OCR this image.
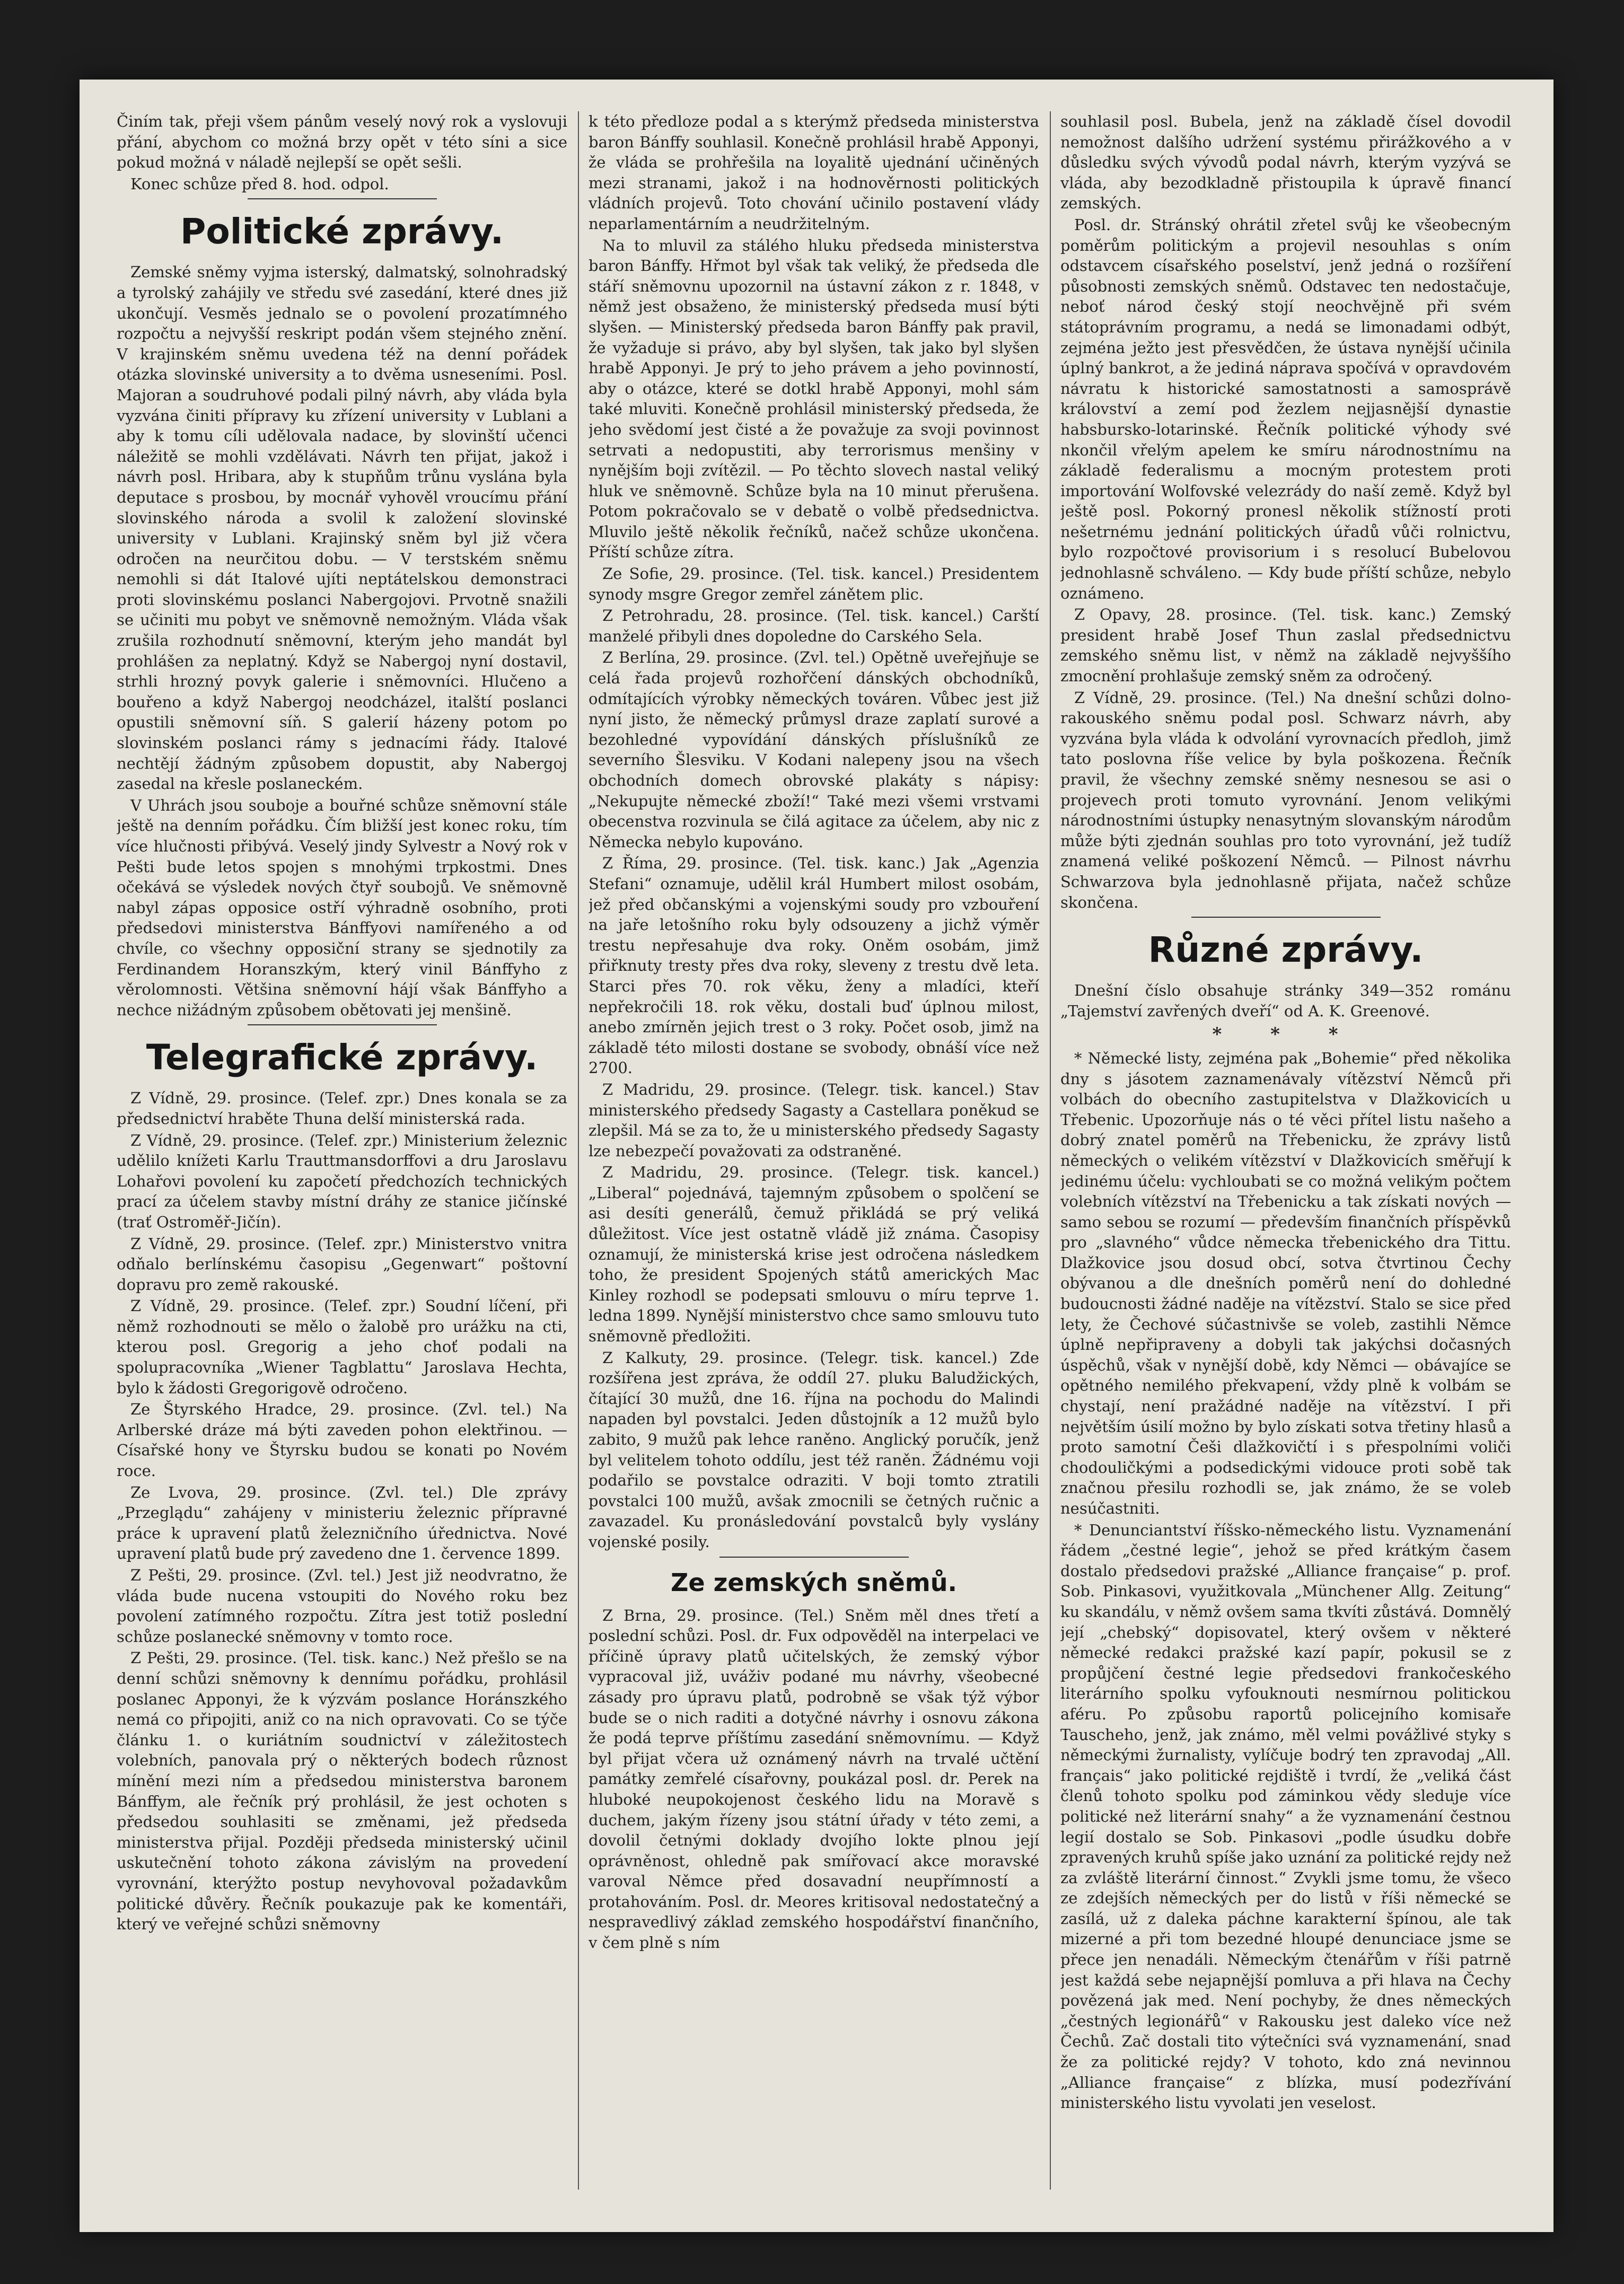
Činím tak, přeji všem pánům veselý nový rok a vyslovuji přání, abychom co možná brzy opět v této síni a sice pokud možná v náladě nejlepší se opět sešli.

Konec schůze před 8. hod. odpol.

Politické zprávy.

Zemské sněmy vyjma isterský, dalmatský, solnohradský a tyrolský zahájily ve středu své zasedání, které dnes již ukončují. Vesměs jednalo se o povolení prozatímného rozpočtu a nejvyšší reskript podán všem stejného znění. V krajinském sněmu uvedena též na denní pořádek otázka slovinské university a to dvěma usneseními. Posl. Majoran a soudruhové podali pilný návrh, aby vláda byla vyzvána činiti přípravy ku zřízení university v Lublani a aby k tomu cíli udělovala nadace, by slovinští učenci náležitě se mohli vzdělávati. Návrh ten přijat, jakož i návrh posl. Hribara, aby k stupňům trůnu vyslána byla deputace s prosbou, by mocnář vyhověl vroucímu přání slovinského národa a svolil k založení slovinské university v Lublani. Krajinský sněm byl již včera odročen na neurčitou dobu. — V terstském sněmu nemohli si dát Italové ujíti neptátelskou demonstraci proti slovinskému poslanci Nabergojovi. Prvotně snažili se učiniti mu pobyt ve sněmovně nemožným. Vláda však zrušila rozhodnutí sněmovní, kterým jeho mandát byl prohlášen za neplatný. Když se Nabergoj nyní dostavil, strhli hrozný povyk galerie i sněmovníci. Hlučeno a bouřeno a když Nabergoj neodcházel, italští poslanci opustili sněmovní síň. S galerií házeny potom po slovinském poslanci rámy s jednacími řády. Italové nechtějí žádným způsobem dopustit, aby Nabergoj zasedal na křesle poslaneckém.

V Uhrách jsou souboje a bouřné schůze sněmovní stále ještě na denním pořádku. Čím bližší jest konec roku, tím více hlučnosti přibývá. Veselý jindy Sylvestr a Nový rok v Pešti bude letos spojen s mnohými trpkostmi. Dnes očekává se výsledek nových čtyř soubojů. Ve sněmovně nabyl zápas opposice ostří výhradně osobního, proti předsedovi ministerstva Bánffyovi namířeného a od chvíle, co všechny opposiční strany se sjednotily za Ferdinandem Horanszkým, který vinil Bánffyho z věrolomnosti. Většina sněmovní hájí však Bánffyho a nechce nižádným způsobem obětovati jej menšině.

Telegrafické zprávy.

Z Vídně, 29. prosince. (Telef. zpr.) Dnes konala se za předsednictví hraběte Thuna delší ministerská rada.

Z Vídně, 29. prosince. (Telef. zpr.) Ministerium železnic udělilo knížeti Karlu Trauttmansdorffovi a dru Jaroslavu Lohařovi povolení ku započetí předchozích technických prací za účelem stavby místní dráhy ze stanice jičínské (trať Ostroměř-Jičín).

Z Vídně, 29. prosince. (Telef. zpr.) Ministerstvo vnitra odňalo berlínskému časopisu „Gegenwart“ poštovní dopravu pro země rakouské.

Z Vídně, 29. prosince. (Telef. zpr.) Soudní líčení, při němž rozhodnouti se mělo o žalobě pro urážku na cti, kterou posl. Gregorig a jeho choť podali na spolupracovníka „Wiener Tagblattu“ Jaroslava Hechta, bylo k žádosti Gregorigově odročeno.

Ze Štyrského Hradce, 29. prosince. (Zvl. tel.) Na Arlberské dráze má býti zaveden pohon elektřinou. — Císařské hony ve Štyrsku budou se konati po Novém roce.

Ze Lvova, 29. prosince. (Zvl. tel.) Dle zprávy „Przeglądu“ zahájeny v ministeriu železnic přípravné práce k upravení platů železničního úřednictva. Nové upravení platů bude prý zavedeno dne 1. července 1899.

Z Pešti, 29. prosince. (Zvl. tel.) Jest již neodvratno, že vláda bude nucena vstoupiti do Nového roku bez povolení zatímného rozpočtu. Zítra jest totiž poslední schůze poslanecké sněmovny v tomto roce.

Z Pešti, 29. prosince. (Tel. tisk. kanc.) Než přešlo se na denní schůzi sněmovny k dennímu pořádku, prohlásil poslanec Apponyi, že k výzvám poslance Horánszkého nemá co připojiti, aniž co na nich opravovati. Co se týče článku 1. o kuriátním soudnictví v záležitostech volebních, panovala prý o některých bodech různost mínění mezi ním a předsedou ministerstva baronem Bánffym, ale řečník prý prohlásil, že jest ochoten s předsedou souhlasiti se změnami, jež předseda ministerstva přijal. Později předseda ministerský učinil uskutečnění tohoto zákona závislým na provedení vyrovnání, kterýžto postup nevyhovoval požadavkům politické důvěry. Řečník poukazuje pak ke komentáři, který ve veřejné schůzi sněmovny

k této předloze podal a s kterýmž předseda ministerstva baron Bánffy souhlasil. Konečně prohlásil hrabě Apponyi, že vláda se prohřešila na loyalitě ujednání učiněných mezi stranami, jakož i na hodnověrnosti politických vládních projevů. Toto chování učinilo postavení vlády neparlamentárním a neudržitelným.

Na to mluvil za stálého hluku předseda ministerstva baron Bánffy. Hřmot byl však tak veliký, že předseda dle stáří sněmovnu upozornil na ústavní zákon z r. 1848, v němž jest obsaženo, že ministerský předseda musí býti slyšen. — Ministerský předseda baron Bánffy pak pravil, že vyžaduje si právo, aby byl slyšen, tak jako byl slyšen hrabě Apponyi. Je prý to jeho právem a jeho povinností, aby o otázce, které se dotkl hrabě Apponyi, mohl sám také mluviti. Konečně prohlásil ministerský předseda, že jeho svědomí jest čisté a že považuje za svoji povinnost setrvati a nedopustiti, aby terrorismus menšiny v nynějším boji zvítězil. — Po těchto slovech nastal veliký hluk ve sněmovně. Schůze byla na 10 minut přerušena. Potom pokračovalo se v debatě o volbě předsednictva. Mluvilo ještě několik řečníků, načež schůze ukončena. Příští schůze zítra.

Ze Sofie, 29. prosince. (Tel. tisk. kancel.) Presidentem synody msgre Gregor zemřel zánětem plic.

Z Petrohradu, 28. prosince. (Tel. tisk. kancel.) Carští manželé přibyli dnes dopoledne do Carského Sela.

Z Berlína, 29. prosince. (Zvl. tel.) Opětně uveřejňuje se celá řada projevů rozhořčení dánských obchodníků, odmítajících výrobky německých továren. Vůbec jest již nyní jisto, že německý průmysl draze zaplatí surové a bezohledné vypovídání dánských příslušníků ze severního Šlesviku. V Kodani nalepeny jsou na všech obchodních domech obrovské plakáty s nápisy: „Nekupujte německé zboží!“ Také mezi všemi vrstvami obecenstva rozvinula se čilá agitace za účelem, aby nic z Německa nebylo kupováno.

Z Říma, 29. prosince. (Tel. tisk. kanc.) Jak „Agenzia Stefani“ oznamuje, udělil král Humbert milost osobám, jež před občanskými a vojenskými soudy pro vzbouření na jaře letošního roku byly odsouzeny a jichž výměr trestu nepřesahuje dva roky. Oněm osobám, jimž přiřknuty tresty přes dva roky, sleveny z trestu dvě leta. Starci přes 70. rok věku, ženy a mladíci, kteří nepřekročili 18. rok věku, dostali buď úplnou milost, anebo zmírněn jejich trest o 3 roky. Počet osob, jimž na základě této milosti dostane se svobody, obnáší více než 2700.

Z Madridu, 29. prosince. (Telegr. tisk. kancel.) Stav ministerského předsedy Sagasty a Castellara poněkud se zlepšil. Má se za to, že u ministerského předsedy Sagasty lze nebezpečí považovati za odstraněné.

Z Madridu, 29. prosince. (Telegr. tisk. kancel.) „Liberal“ pojednává, tajemným způsobem o spolčení se asi desíti generálů, čemuž přikládá se prý veliká důležitost. Více jest ostatně vládě již známa. Časopisy oznamují, že ministerská krise jest odročena následkem toho, že president Spojených států amerických Mac Kinley rozhodl se podepsati smlouvu o míru teprve 1. ledna 1899. Nynější ministerstvo chce samo smlouvu tuto sněmovně předložiti.

Z Kalkuty, 29. prosince. (Telegr. tisk. kancel.) Zde rozšířena jest zpráva, že oddíl 27. pluku Baludžických, čítající 30 mužů, dne 16. října na pochodu do Malindi napaden byl povstalci. Jeden důstojník a 12 mužů bylo zabito, 9 mužů pak lehce raněno. Anglický poručík, jenž byl velitelem tohoto oddílu, jest též raněn. Žádnému voji podařilo se povstalce odraziti. V boji tomto ztratili povstalci 100 mužů, avšak zmocnili se četných ručnic a zavazadel. Ku pronásledování povstalců byly vyslány vojenské posily.

Ze zemských sněmů.

Z Brna, 29. prosince. (Tel.) Sněm měl dnes třetí a poslední schůzi. Posl. dr. Fux odpověděl na interpelaci ve příčině úpravy platů učitelských, že zemský výbor vypracoval již, uváživ podané mu návrhy, všeobecné zásady pro úpravu platů, podrobně se však týž výbor bude se o nich raditi a dotyčné návrhy i osnovu zákona že podá teprve příštímu zasedání sněmovnímu. — Když byl přijat včera už oznámený návrh na trvalé učtění památky zemřelé císařovny, poukázal posl. dr. Perek na hluboké neupokojenost českého lidu na Moravě s duchem, jakým řízeny jsou státní úřady v této zemi, a dovolil četnými doklady dvojího lokte plnou její oprávněnost, ohledně pak smířovací akce moravské varoval Němce před dosavadní neupřímností a protahováním. Posl. dr. Meores kritisoval nedostatečný a nespravedlivý základ zemského hospodářství finančního, v čem plně s ním

souhlasil posl. Bubela, jenž na základě čísel dovodil nemožnost dalšího udržení systému přirážkového a v důsledku svých vývodů podal návrh, kterým vyzývá se vláda, aby bezodkladně přistoupila k úpravě financí zemských.

Posl. dr. Stránský ohrátil zřetel svůj ke všeobecným poměrům politickým a projevil nesouhlas s oním odstavcem císařského poselství, jenž jedná o rozšíření působnosti zemských sněmů. Odstavec ten nedostačuje, neboť národ český stojí neochvějně při svém státoprávním programu, a nedá se limonadami odbýt, zejména ježto jest přesvědčen, že ústava nynější učinila úplný bankrot, a že jediná náprava spočívá v opravdovém návratu k historické samostatnosti a samosprávě království a zemí pod žezlem nejjasnější dynastie habsbursko-lotarinské. Řečník politické výhody své nkončil vřelým apelem ke smíru národnostnímu na základě federalismu a mocným protestem proti importování Wolfovské velezrády do naší země. Když byl ještě posl. Pokorný pronesl několik stížností proti nešetrnému jednání politických úřadů vůči rolnictvu, bylo rozpočtové provisorium i s resolucí Bubelovou jednohlasně schváleno. — Kdy bude příští schůze, nebylo oznámeno.

Z Opavy, 28. prosince. (Tel. tisk. kanc.) Zemský president hrabě Josef Thun zaslal předsednictvu zemského sněmu list, v němž na základě nejvyššího zmocnění prohlašuje zemský sněm za odročený.

Z Vídně, 29. prosince. (Tel.) Na dnešní schůzi dolno-rakouského sněmu podal posl. Schwarz návrh, aby vyzvána byla vláda k odvolání vyrovnacích předloh, jimž tato poslovna říše velice by byla poškozena. Řečník pravil, že všechny zemské sněmy nesnesou se asi o projevech proti tomuto vyrovnání. Jenom velikými národnostními ústupky nenasytným slovanským národům může býti zjednán souhlas pro toto vyrovnání, jež tudíž znamená veliké poškození Němců. — Pilnost návrhu Schwarzova byla jednohlasně přijata, načež schůze skončena.

Různé zprávy.

Dnešní číslo obsahuje stránky 349—352 románu „Tajemství zavřených dveří“ od A. K. Greenové.

* * *

* Německé listy, zejména pak „Bohemie“ před několika dny s jásotem zaznamenávaly vítězství Němců při volbách do obecního zastupitelstva v Dlažkovicích u Třebenic. Upozorňuje nás o té věci přítel listu našeho a dobrý znatel poměrů na Třebenicku, že zprávy listů německých o velikém vítězství v Dlažkovicích směřují k jedinému účelu: vychloubati se co možná velikým počtem volebních vítězství na Třebenicku a tak získati nových — samo sebou se rozumí — především finančních příspěvků pro „slavného“ vůdce německa třebenického dra Tittu. Dlažkovice jsou dosud obcí, sotva čtvrtinou Čechy obývanou a dle dnešních poměrů není do dohledné budoucnosti žádné naděje na vítězství. Stalo se sice před lety, že Čechové súčastnivše se voleb, zastihli Němce úplně nepřipraveny a dobyli tak jakýchsi dočasných úspěchů, však v nynější době, kdy Němci — obávajíce se opětného nemilého překvapení, vždy plně k volbám se chystají, není pražádné naděje na vítězství. I při největším úsilí možno by bylo získati sotva třetiny hlasů a proto samotní Češi dlažkovičtí i s přespolními voliči chodouličkými a podsedickými vidouce proti sobě tak značnou přesilu rozhodli se, jak známo, že se voleb nesúčastniti.

* Denunciantství říšsko-německého listu. Vyznamenání řádem „čestné legie“, jehož se před krátkým časem dostalo předsedovi pražské „Alliance française“ p. prof. Sob. Pinkasovi, využitkovala „Münchener Allg. Zeitung“ ku skandálu, v němž ovšem sama tkvíti zůstává. Domnělý její „chebský“ dopisovatel, který ovšem v některé německé redakci pražské kazí papír, pokusil se z propůjčení čestné legie předsedovi frankočeského literárního spolku vyfouknouti nesmírnou politickou aféru. Po způsobu raportů policejního komisaře Tauscheho, jenž, jak známo, měl velmi povážlivé styky s německými žurnalisty, vylíčuje bodrý ten zpravodaj „All. français“ jako politické rejdiště i tvrdí, že „veliká část členů tohoto spolku pod záminkou vědy sleduje více politické než literární snahy“ a že vyznamenání čestnou legií dostalo se Sob. Pinkasovi „podle úsudku dobře zpravených kruhů spíše jako uznání za politické rejdy než za zvláště literární činnost.“ Zvykli jsme tomu, že všeco ze zdejších německých per do listů v říši německé se zasílá, už z daleka páchne karakterní špínou, ale tak mizerné a při tom bezedné hloupé denunciace jsme se přece jen nenadáli. Německým čtenářům v říši patrně jest každá sebe nejapnější pomluva a při hlava na Čechy povězená jak med. Není pochyby, že dnes německých „čestných legionářů“ v Rakousku jest daleko více než Čechů. Zač dostali tito výtečníci svá vyznamenání, snad že za politické rejdy? V tohoto, kdo zná nevinnou „Alliance française“ z blízka, musí podezřívání ministerského listu vyvolati jen veselost.
